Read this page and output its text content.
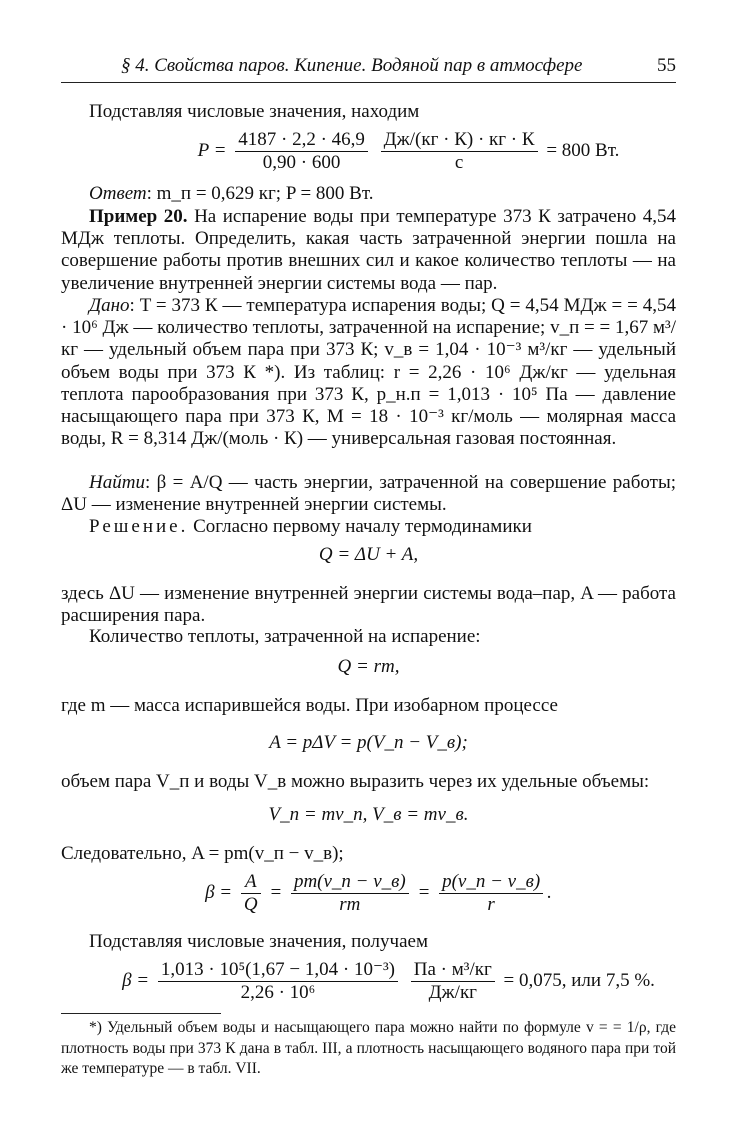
§ 4. Свойства паров. Кипение. Водяной пар в атмосфере	55
Подставляя числовые значения, находим
$P = \frac{4187 \cdot 2,2 \cdot 46,9}{0,90 \cdot 600}$
$\frac{Дж/(кг \cdot К) \cdot кг \cdot К}{с} = 800$ Вт.
Ответ: m_п = 0,629 кг; P = 800 Вт.
Пример 20. На испарение воды при температуре 373 К затрачено 4,54 МДж теплоты. Определить, какая часть затраченной энергии пошла на совершение работы против внешних сил и какое количество теплоты — на увеличение внутренней энергии системы вода — пар.
Дано: T = 373 К — температура испарения воды; Q = 4,54 МДж = = 4,54 · 10⁶ Дж — количество теплоты, затраченной на испарение; v_п = = 1,67 м³/кг — удельный объем пара при 373 К; v_в = 1,04 · 10⁻³ м³/кг — удельный объем воды при 373 К *). Из таблиц: r = 2,26 · 10⁶ Дж/кг — удельная теплота парообразования при 373 К, p_н.п = 1,013 · 10⁵ Па — давление насыщающего пара при 373 К, M = 18 · 10⁻³ кг/моль — молярная масса воды, R = 8,314 Дж/(моль · К) — универсальная газовая постоянная.
Найти: β = A/Q — часть энергии, затраченной на совершение работы; ΔU — изменение внутренней энергии системы.
Решение. Согласно первому началу термодинамики
Q = ΔU + A,
здесь ΔU — изменение внутренней энергии системы вода–пар, A — работа расширения пара.
Количество теплоты, затраченной на испарение:
Q = rm,
где m — масса испарившейся воды. При изобарном процессе
A = pΔV = p(V_п − V_в);
объем пара V_п и воды V_в можно выразить через их удельные объемы:
V_п = mv_п, V_в = mv_в.
Следовательно, A = pm(v_п − v_в);
$\beta = \frac{A}{Q} = \frac{pm(v\_п - v\_в)}{rm} = \frac{p(v\_п - v\_в)}{r}$ .
Подставляя числовые значения, получаем
$\beta = \frac{\text{1,013 · 10⁵(1,67 − 1,04 · 10⁻³)}}{\text{2,26 · 10⁶}}$
$\frac{\text{Па · м³/кг}}{Дж/кг} = 0,075$, или 7,5 %.
*) Удельный объем воды и насыщающего пара можно найти по формуле v = = 1/ρ, где плотность воды при 373 К дана в табл. III, а плотность насыщающего водяного пара при той же температуре — в табл. VII.
